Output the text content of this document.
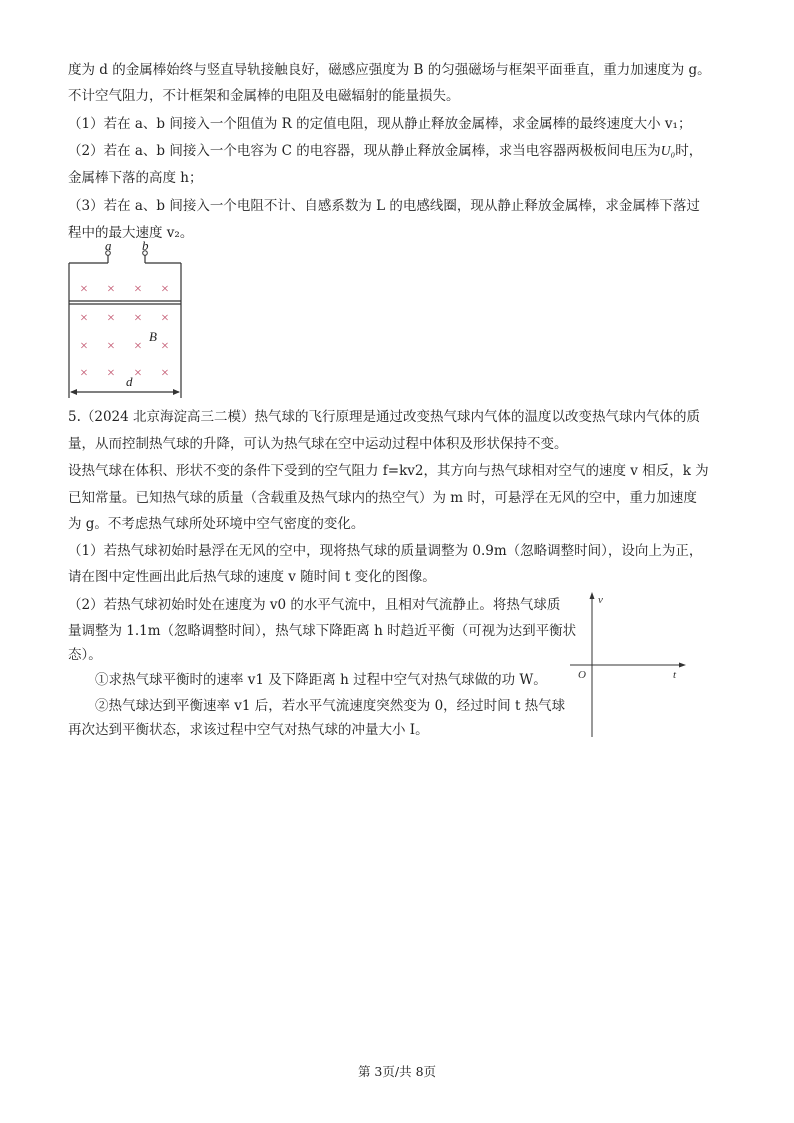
度为 d 的金属棒始终与竖直导轨接触良好，磁感应强度为 B 的匀强磁场与框架平面垂直，重力加速度为 g。
不计空气阻力，不计框架和金属棒的电阻及电磁辐射的能量损失。
（1）若在 a、b 间接入一个阻值为 R 的定值电阻，现从静止释放金属棒，求金属棒的最终速度大小 v₁；
（2）若在 a、b 间接入一个电容为 C 的电容器，现从静止释放金属棒，求当电容器两极板间电压为U₀时，
金属棒下落的高度 h；
（3）若在 a、b 间接入一个电阻不计、自感系数为 L 的电感线圈，现从静止释放金属棒，求金属棒下落过
程中的最大速度 v₂。
a b
B
d
× × × ×
× × × ×
× × × ×
× × × ×
5.（2024 北京海淀高三二模）热气球的飞行原理是通过改变热气球内气体的温度以改变热气球内气体的质
量，从而控制热气球的升降，可认为热气球在空中运动过程中体积及形状保持不变。
设热气球在体积、形状不变的条件下受到的空气阻力 f=kv2，其方向与热气球相对空气的速度 v 相反，k 为
已知常量。已知热气球的质量（含载重及热气球内的热空气）为 m 时，可悬浮在无风的空中，重力加速度
为 g。不考虑热气球所处环境中空气密度的变化。
（1）若热气球初始时悬浮在无风的空中，现将热气球的质量调整为 0.9m（忽略调整时间），设向上为正，
请在图中定性画出此后热气球的速度 v 随时间 t 变化的图像。
（2）若热气球初始时处在速度为 v0 的水平气流中，且相对气流静止。将热气球质
量调整为 1.1m（忽略调整时间），热气球下降距离 h 时趋近平衡（可视为达到平衡状
态）。
①求热气球平衡时的速率 v1 及下降距离 h 过程中空气对热气球做的功 W。
②热气球达到平衡速率 v1 后，若水平气流速度突然变为 0，经过时间 t 热气球
再次达到平衡状态，求该过程中空气对热气球的冲量大小 I。
v
O	t
第 3页/共 8页
